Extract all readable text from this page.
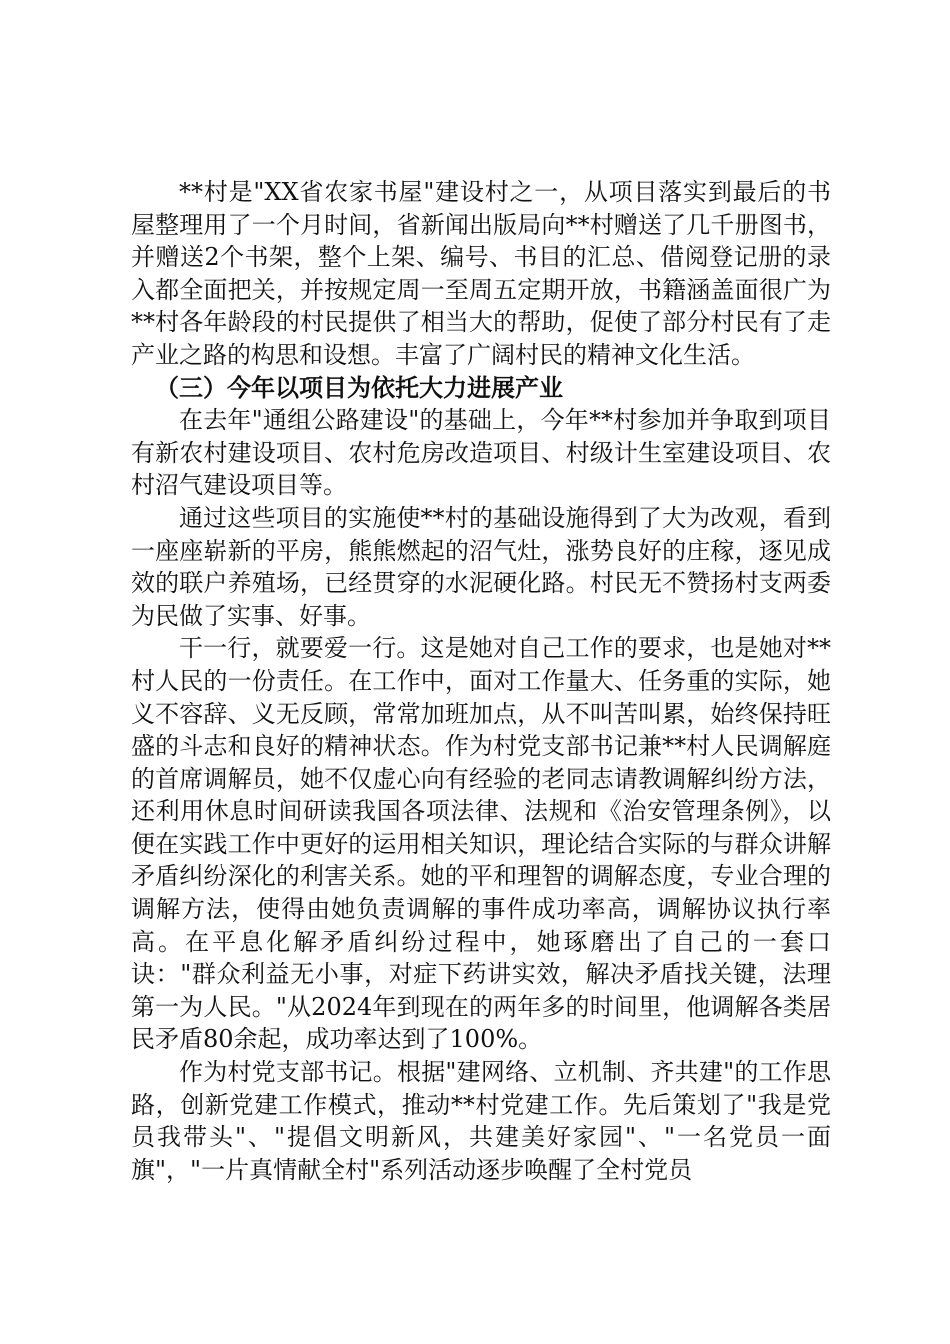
**村是"XX省农家书屋"建设村之一，从项目落实到最后的书屋整理用了一个月时间，省新闻出版局向**村赠送了几千册图书，并赠送2个书架，整个上架、编号、书目的汇总、借阅登记册的录入都全面把关，并按规定周一至周五定期开放，书籍涵盖面很广为**村各年龄段的村民提供了相当大的帮助，促使了部分村民有了走产业之路的构思和设想。丰富了广阔村民的精神文化生活。

（三）今年以项目为依托大力进展产业

在去年"通组公路建设"的基础上，今年**村参加并争取到项目有新农村建设项目、农村危房改造项目、村级计生室建设项目、农村沼气建设项目等。

通过这些项目的实施使**村的基础设施得到了大为改观，看到一座座崭新的平房，熊熊燃起的沼气灶，涨势良好的庄稼，逐见成效的联户养殖场，已经贯穿的水泥硬化路。村民无不赞扬村支两委为民做了实事、好事。

干一行，就要爱一行。这是她对自己工作的要求，也是她对**村人民的一份责任。在工作中，面对工作量大、任务重的实际，她义不容辞、义无反顾，常常加班加点，从不叫苦叫累，始终保持旺盛的斗志和良好的精神状态。作为村党支部书记兼**村人民调解庭的首席调解员，她不仅虚心向有经验的老同志请教调解纠纷方法，还利用休息时间研读我国各项法律、法规和《治安管理条例》，以便在实践工作中更好的运用相关知识，理论结合实际的与群众讲解矛盾纠纷深化的利害关系。她的平和理智的调解态度，专业合理的调解方法，使得由她负责调解的事件成功率高，调解协议执行率高。在平息化解矛盾纠纷过程中，她琢磨出了自己的一套口诀："群众利益无小事，对症下药讲实效，解决矛盾找关键，法理第一为人民。"从2024年到现在的两年多的时间里，他调解各类居民矛盾80余起，成功率达到了100%。

作为村党支部书记。根据"建网络、立机制、齐共建"的工作思路，创新党建工作模式，推动**村党建工作。先后策划了"我是党员我带头"、"提倡文明新风，共建美好家园"、"一名党员一面旗"，"一片真情献全村"系列活动逐步唤醒了全村党员
